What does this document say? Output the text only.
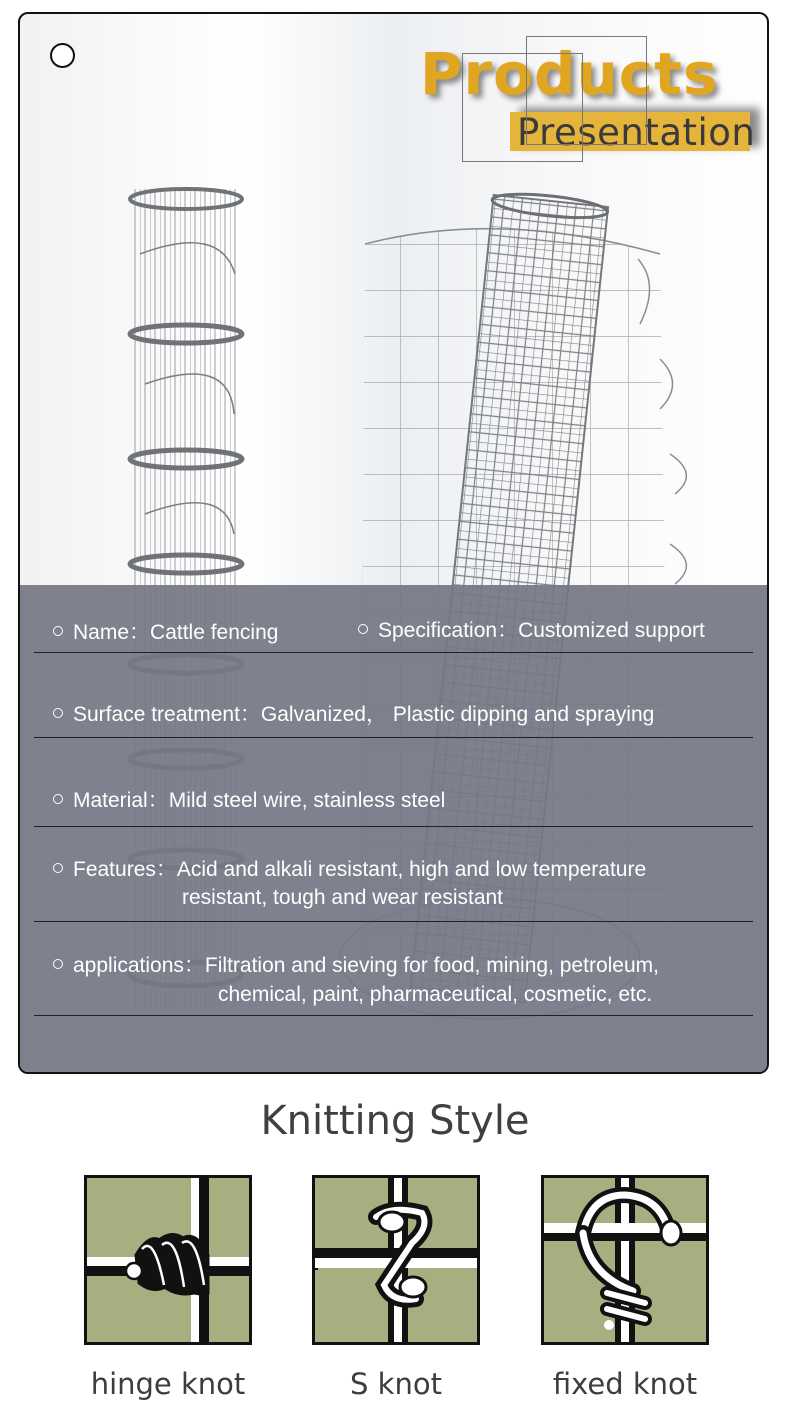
Products
Presentation
Name：Cattle fencing	Specification：Customized support
Surface treatment：Galvanized， Plastic dipping and spraying
Material：Mild steel wire, stainless steel
Features：Acid and alkali resistant, high and low temperature
resistant, tough and wear resistant
applications：Filtration and sieving for food, mining, petroleum,
chemical, paint, pharmaceutical, cosmetic, etc.
Knitting Style
hinge knot	S knot	fixed knot
